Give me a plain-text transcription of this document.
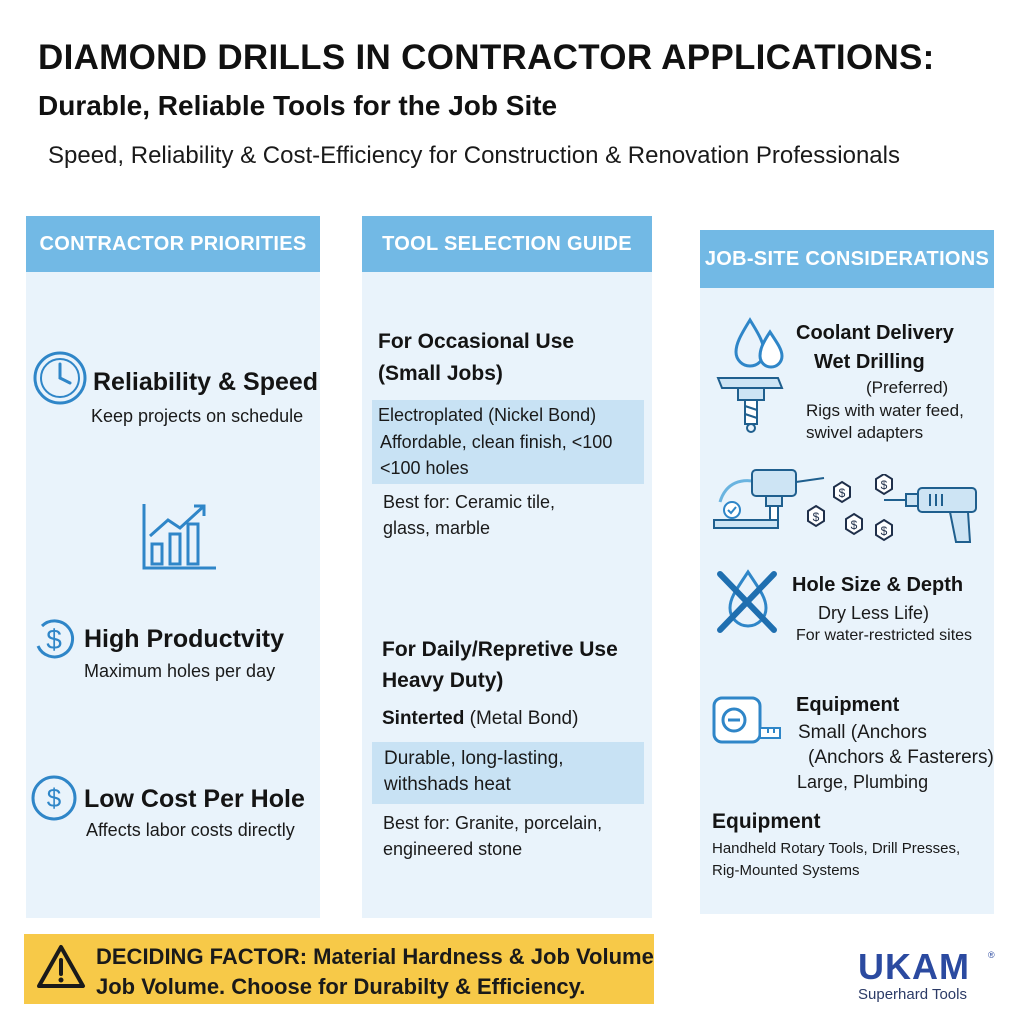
DIAMOND DRILLS IN CONTRACTOR APPLICATIONS:
Durable, Reliable Tools for the Job Site
Speed, Reliability & Cost-Efficiency for Construction & Renovation Professionals
CONTRACTOR PRIORITIES
Reliability & Speed
Keep projects on schedule
$ High Productvity
Maximum holes per day
$ Low Cost Per Hole
Affects labor costs directly
TOOL SELECTION GUIDE
For Occasional Use
(Small Jobs)
Electroplated (Nickel Bond)
Affordable, clean finish, <100
<100 holes
Best for: Ceramic tile,
glass, marble
For Daily/Repretive Use
Heavy Duty)
Sinterted (Metal Bond)
Durable, long-lasting,
withshads heat
Best for: Granite, porcelain,
engineered stone
JOB-SITE CONSIDERATIONS
Coolant Delivery
Wet Drilling
(Preferred)
Rigs with water feed,
swivel adapters
$
$
$
$
$
Hole Size & Depth
Dry Less Life)
For water-restricted sites
Equipment
Small (Anchors
(Anchors & Fasterers)
Large, Plumbing
Equipment
Handheld Rotary Tools, Drill Presses,
Rig-Mounted Systems
DECIDING FACTOR: Material Hardness & Job Volume
Job Volume. Choose for Durabilty & Efficiency.	UKAM ®
Superhard Tools
